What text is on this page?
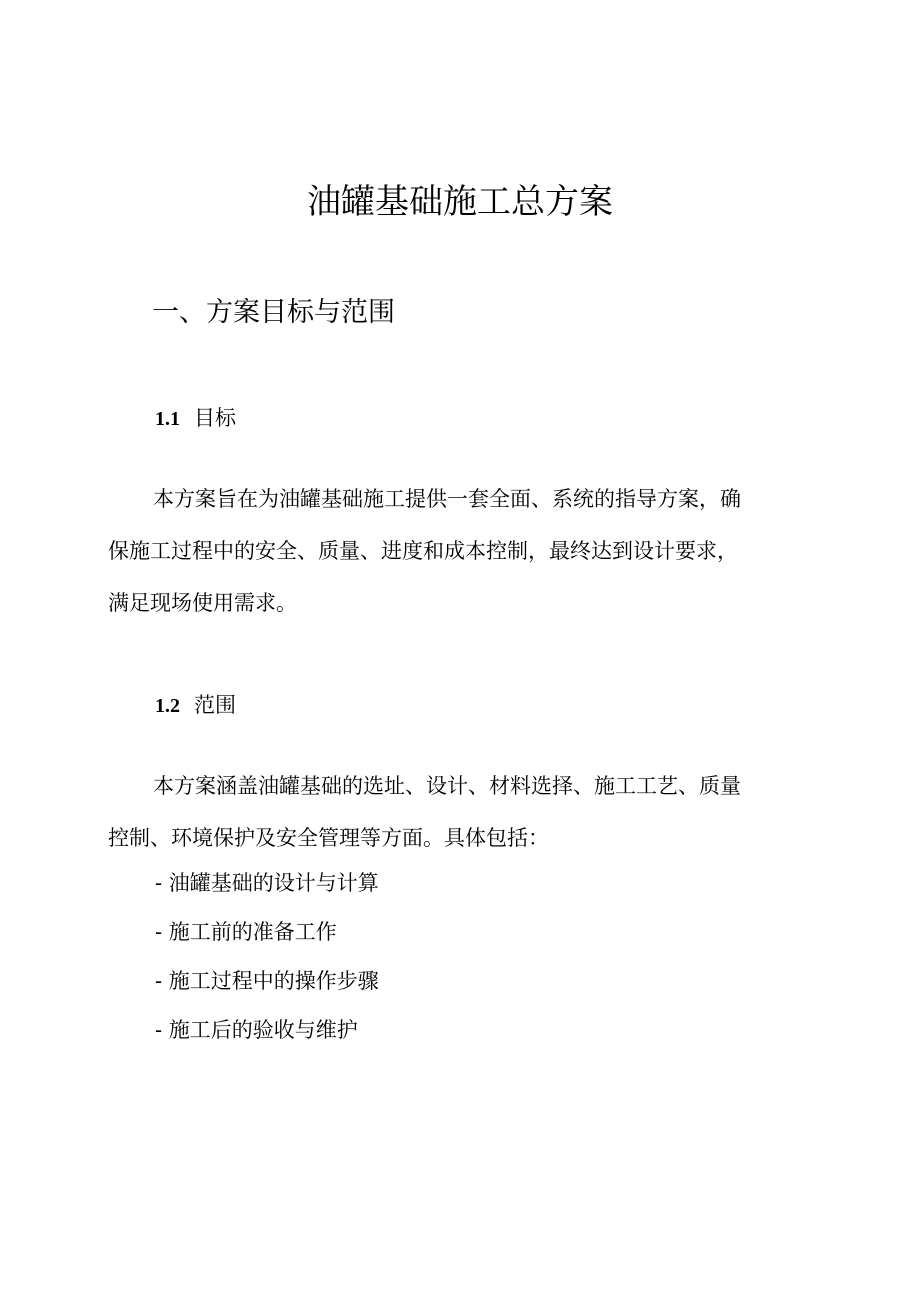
油罐基础施工总方案
一、方案目标与范围
1.1 目标

本方案旨在为油罐基础施工提供一套全面、系统的指导方案，确
保施工过程中的安全、质量、进度和成本控制，最终达到设计要求，
满足现场使用需求。

1.2 范围

本方案涵盖油罐基础的选址、设计、材料选择、施工工艺、质量
控制、环境保护及安全管理等方面。具体包括：

- 油罐基础的设计与计算
- 施工前的准备工作
- 施工过程中的操作步骤
- 施工后的验收与维护
